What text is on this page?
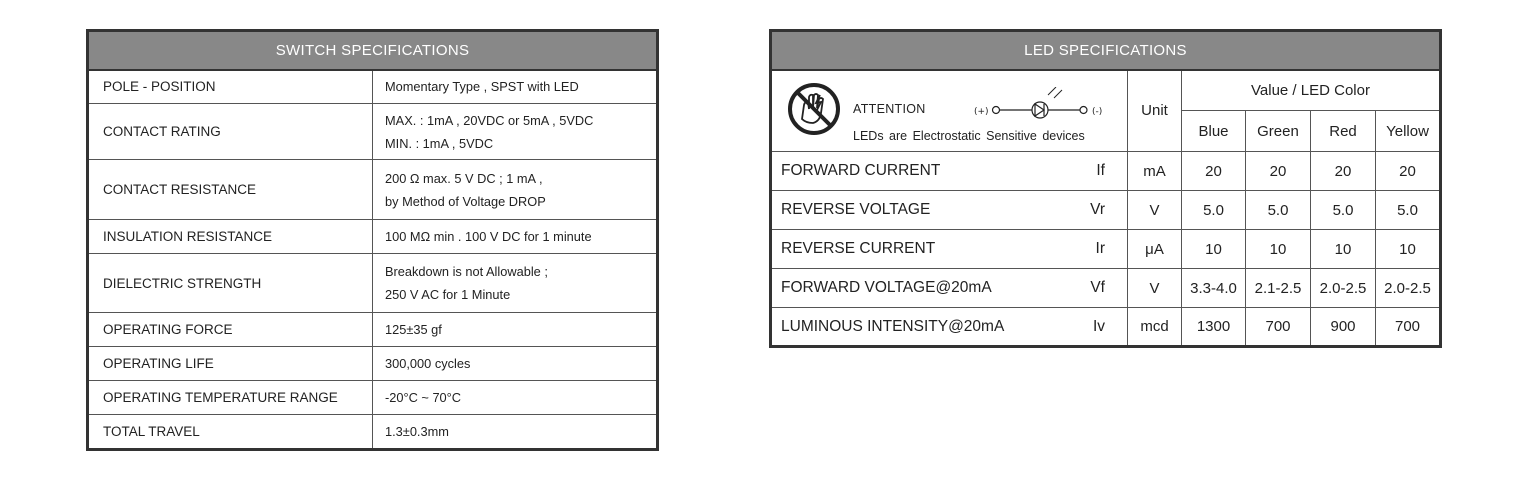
SWITCH SPECIFICATIONS	
POLE - POSITION	Momentary Type , SPST with LED

CONTACT RATING	MAX. : 1mA , 20VDC or 5mA , 5VDC
MIN. : 1mA , 5VDC

CONTACT RESISTANCE	200 Ω max. 5 V DC ; 1 mA ,
by Method of Voltage DROP

INSULATION RESISTANCE	100 MΩ min . 100 V DC for 1 minute

DIELECTRIC STRENGTH	Breakdown is not Allowable ;
250 V AC for 1 Minute

OPERATING FORCE	125±35 gf

OPERATING LIFE	300,000 cycles

OPERATING TEMPERATURE RANGE	-20°C ~ 70°C

TOTAL TRAVEL	1.3±0.3mm
LED SPECIFICATIONS					

ATTENTION (+) (-)
LEDs are Electrostatic Sensitive devices	Unit	Value / LED Color			
		Blue	Green	Red	Yellow
FORWARD CURRENT If	mA	20	20	20	20
REVERSE VOLTAGE Vr	V	5.0	5.0	5.0	5.0
REVERSE CURRENT Ir	μA	10	10	10	10
FORWARD VOLTAGE@20mA Vf	V	3.3-4.0	2.1-2.5	2.0-2.5	2.0-2.5
LUMINOUS INTENSITY@20mA Iv	mcd	1300	700	900	700
